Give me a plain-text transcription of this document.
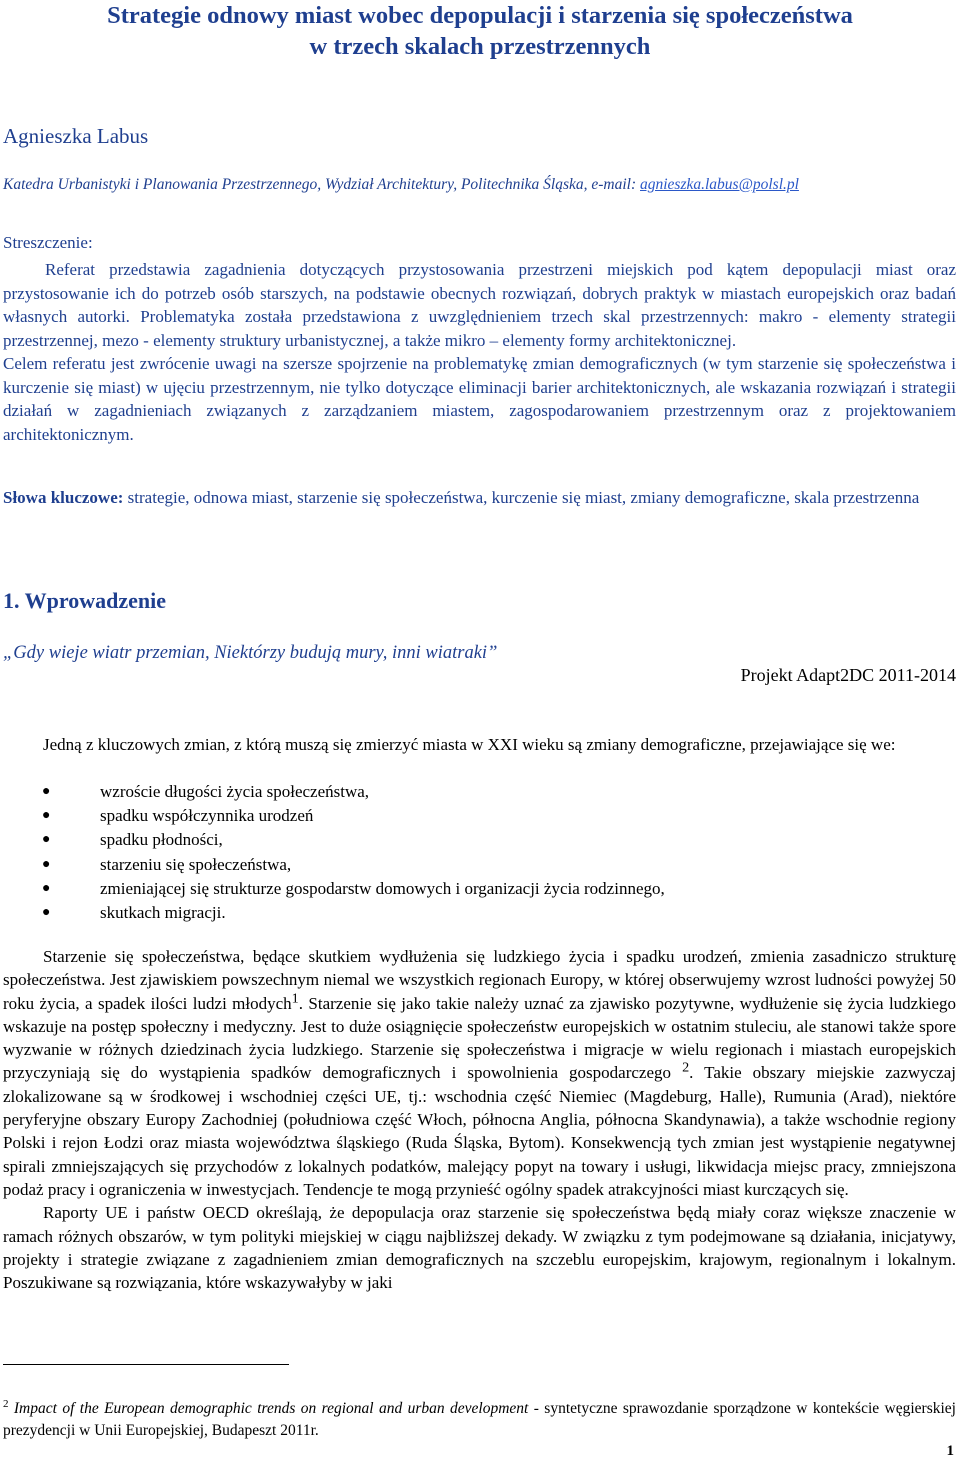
Strategie odnowy miast wobec depopulacji i starzenia się społeczeństwa
w trzech skalach przestrzennych
Agnieszka Labus
Katedra Urbanistyki i Planowania Przestrzennego, Wydział Architektury, Politechnika Śląska, e-mail: agnieszka.labus@polsl.pl
Streszczenie:

Referat przedstawia zagadnienia dotyczących przystosowania przestrzeni miejskich pod kątem depopulacji miast oraz przystosowanie ich do potrzeb osób starszych, na podstawie obecnych rozwiązań, dobrych praktyk w miastach europejskich oraz badań własnych autorki. Problematyka została przedstawiona z uwzględnieniem trzech skal przestrzennych: makro - elementy strategii przestrzennej, mezo - elementy struktury urbanistycznej, a także mikro – elementy formy architektonicznej.

Celem referatu jest zwrócenie uwagi na szersze spojrzenie na problematykę zmian demograficznych (w tym starzenie się społeczeństwa i kurczenie się miast) w ujęciu przestrzennym, nie tylko dotyczące eliminacji barier architektonicznych, ale wskazania rozwiązań i strategii działań w zagadnieniach związanych z zarządzaniem miastem, zagospodarowaniem przestrzennym oraz z projektowaniem architektonicznym.

Słowa kluczowe: strategie, odnowa miast, starzenie się społeczeństwa, kurczenie się miast, zmiany demograficzne, skala przestrzenna
1. Wprowadzenie
„Gdy wieje wiatr przemian, Niektórzy budują mury, inni wiatraki”
Projekt Adapt2DC 2011-2014

Jedną z kluczowych zmian, z którą muszą się zmierzyć miasta w XXI wieku są zmiany demograficzne, przejawiające się we:

●	wzroście długości życia społeczeństwa,
●	spadku współczynnika urodzeń
●	spadku płodności,
●	starzeniu się społeczeństwa,
●	zmieniającej się strukturze gospodarstw domowych i organizacji życia rodzinnego,
●	skutkach migracji.

Starzenie się społeczeństwa, będące skutkiem wydłużenia się ludzkiego życia i spadku urodzeń, zmienia zasadniczo strukturę społeczeństwa. Jest zjawiskiem powszechnym niemal we wszystkich regionach Europy, w której obserwujemy wzrost ludności powyżej 50 roku życia, a spadek ilości ludzi młodych$^1$. Starzenie się jako takie należy uznać za zjawisko pozytywne, wydłużenie się życia ludzkiego wskazuje na postęp społeczny i medyczny. Jest to duże osiągnięcie społeczeństw europejskich w ostatnim stuleciu, ale stanowi także spore wyzwanie w różnych dziedzinach życia ludzkiego. Starzenie się społeczeństwa i migracje w wielu regionach i miastach europejskich przyczyniają się do wystąpienia spadków demograficznych i spowolnienia gospodarczego $^2$. Takie obszary miejskie zazwyczaj zlokalizowane są w środkowej i wschodniej części UE, tj.: wschodnia część Niemiec (Magdeburg, Halle), Rumunia (Arad), niektóre peryferyjne obszary Europy Zachodniej (południowa część Włoch, północna Anglia, północna Skandynawia), a także wschodnie regiony Polski i rejon Łodzi oraz miasta województwa śląskiego (Ruda Śląska, Bytom). Konsekwencją tych zmian jest wystąpienie negatywnej spirali zmniejszających się przychodów z lokalnych podatków, malejący popyt na towary i usługi, likwidacja miejsc pracy, zmniejszona podaż pracy i ograniczenia w inwestycjach. Tendencje te mogą przynieść ogólny spadek atrakcyjności miast kurczących się.

Raporty UE i państw OECD określają, że depopulacja oraz starzenie się społeczeństwa będą miały coraz większe znaczenie w ramach różnych obszarów, w tym polityki miejskiej w ciągu najbliższej dekady. W związku z tym podejmowane są działania, inicjatywy, projekty i strategie związane z zagadnieniem zmian demograficznych na szczeblu europejskim, krajowym, regionalnym i lokalnym. Poszukiwane są rozwiązania, które wskazywałyby w jaki

$^2$ Impact of the European demographic trends on regional and urban development - syntetyczne sprawozdanie sporządzone w kontekście węgierskiej prezydencji w Unii Europejskiej, Budapeszt 2011r.
1
